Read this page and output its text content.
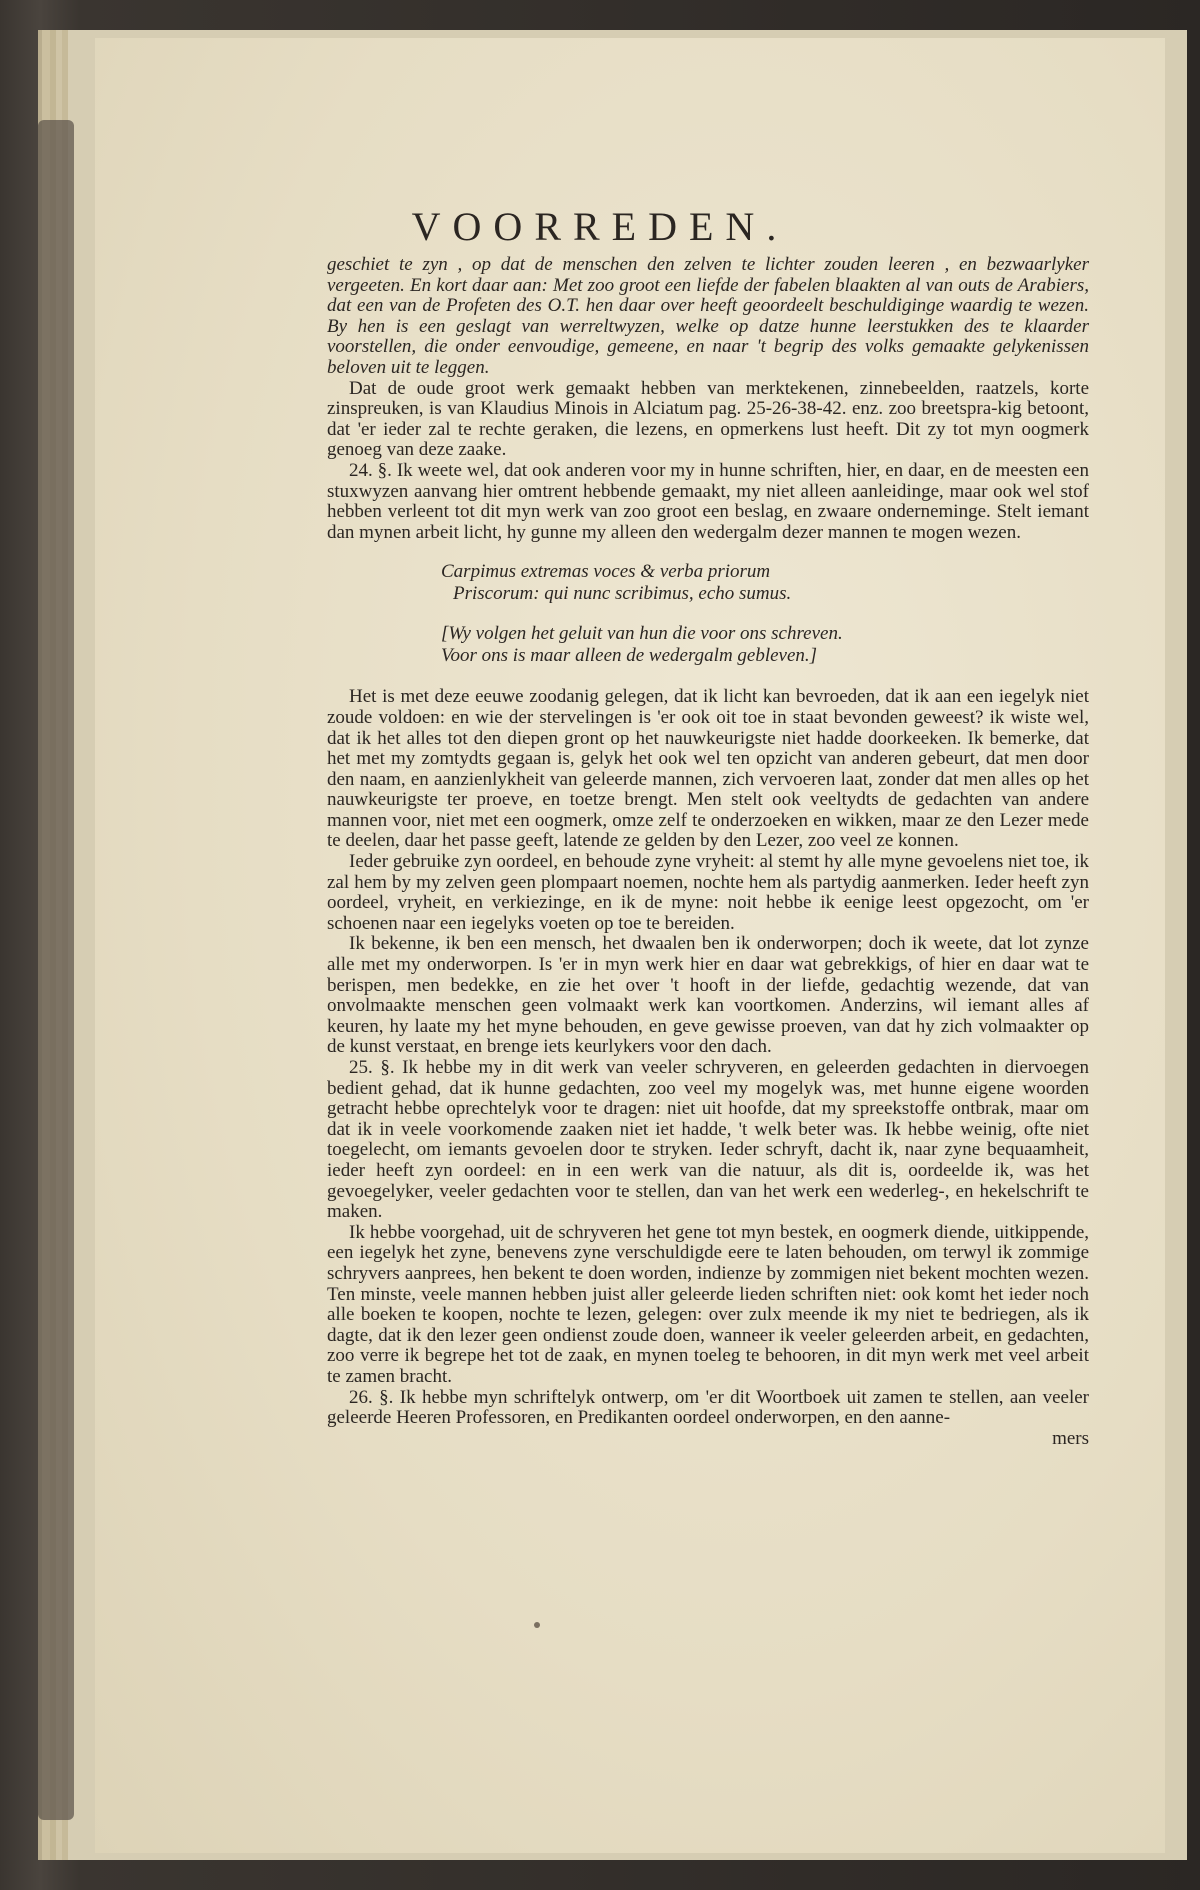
VOORREDEN.

geschiet te zyn , op dat de menschen den zelven te lichter zouden leeren , en bezwaarlyker vergeeten. En kort daar aan: Met zoo groot een liefde der fabelen blaakten al van outs de Arabiers, dat een van de Profeten des O.T. hen daar over heeft geoordeelt beschuldiginge waardig te wezen. By hen is een geslagt van werreltwyzen, welke op datze hunne leerstukken des te klaarder voorstellen, die onder eenvoudige, gemeene, en naar 't begrip des volks gemaakte gelykenissen beloven uit te leggen.

Dat de oude groot werk gemaakt hebben van merktekenen, zinnebeelden, raatzels, korte zinspreuken, is van Klaudius Minois in Alciatum pag. 25-26-38-42. enz. zoo breetspra-kig betoont, dat 'er ieder zal te rechte geraken, die lezens, en opmerkens lust heeft. Dit zy tot myn oogmerk genoeg van deze zaake.

24. §. Ik weete wel, dat ook anderen voor my in hunne schriften, hier, en daar, en de meesten een stuxwyzen aanvang hier omtrent hebbende gemaakt, my niet alleen aanleidinge, maar ook wel stof hebben verleent tot dit myn werk van zoo groot een beslag, en zwaare onderneminge. Stelt iemant dan mynen arbeit licht, hy gunne my alleen den wedergalm dezer mannen te mogen wezen.

Carpimus extremas voces & verba priorum

Priscorum: qui nunc scribimus, echo sumus.
[Wy volgen het geluit van hun die voor ons schreven.
Voor ons is maar alleen de wedergalm gebleven.]

Het is met deze eeuwe zoodanig gelegen, dat ik licht kan bevroeden, dat ik aan een iegelyk niet zoude voldoen: en wie der stervelingen is 'er ook oit toe in staat bevonden geweest? ik wiste wel, dat ik het alles tot den diepen gront op het nauwkeurigste niet hadde doorkeeken. Ik bemerke, dat het met my zomtydts gegaan is, gelyk het ook wel ten opzicht van anderen gebeurt, dat men door den naam, en aanzienlykheit van geleerde mannen, zich vervoeren laat, zonder dat men alles op het nauwkeurigste ter proeve, en toetze brengt. Men stelt ook veeltydts de gedachten van andere mannen voor, niet met een oogmerk, omze zelf te onderzoeken en wikken, maar ze den Lezer mede te deelen, daar het passe geeft, latende ze gelden by den Lezer, zoo veel ze konnen.

Ieder gebruike zyn oordeel, en behoude zyne vryheit: al stemt hy alle myne gevoelens niet toe, ik zal hem by my zelven geen plompaart noemen, nochte hem als partydig aanmerken. Ieder heeft zyn oordeel, vryheit, en verkiezinge, en ik de myne: noit hebbe ik eenige leest opgezocht, om 'er schoenen naar een iegelyks voeten op toe te bereiden.

Ik bekenne, ik ben een mensch, het dwaalen ben ik onderworpen; doch ik weete, dat lot zynze alle met my onderworpen. Is 'er in myn werk hier en daar wat gebrekkigs, of hier en daar wat te berispen, men bedekke, en zie het over 't hooft in der liefde, gedachtig wezende, dat van onvolmaakte menschen geen volmaakt werk kan voortkomen. Anderzins, wil iemant alles af keuren, hy laate my het myne behouden, en geve gewisse proeven, van dat hy zich volmaakter op de kunst verstaat, en brenge iets keurlykers voor den dach.

25. §. Ik hebbe my in dit werk van veeler schryveren, en geleerden gedachten in diervoegen bedient gehad, dat ik hunne gedachten, zoo veel my mogelyk was, met hunne eigene woorden getracht hebbe oprechtelyk voor te dragen: niet uit hoofde, dat my spreekstoffe ontbrak, maar om dat ik in veele voorkomende zaaken niet iet hadde, 't welk beter was. Ik hebbe weinig, ofte niet toegelecht, om iemants gevoelen door te stryken. Ieder schryft, dacht ik, naar zyne bequaamheit, ieder heeft zyn oordeel: en in een werk van die natuur, als dit is, oordeelde ik, was het gevoegelyker, veeler gedachten voor te stellen, dan van het werk een wederleg-, en hekelschrift te maken.

Ik hebbe voorgehad, uit de schryveren het gene tot myn bestek, en oogmerk diende, uitkippende, een iegelyk het zyne, benevens zyne verschuldigde eere te laten behouden, om terwyl ik zommige schryvers aanprees, hen bekent te doen worden, indienze by zommigen niet bekent mochten wezen. Ten minste, veele mannen hebben juist aller geleerde lieden schriften niet: ook komt het ieder noch alle boeken te koopen, nochte te lezen, gelegen: over zulx meende ik my niet te bedriegen, als ik dagte, dat ik den lezer geen ondienst zoude doen, wanneer ik veeler geleerden arbeit, en gedachten, zoo verre ik begrepe het tot de zaak, en mynen toeleg te behooren, in dit myn werk met veel arbeit te zamen bracht.

26. §. Ik hebbe myn schriftelyk ontwerp, om 'er dit Woortboek uit zamen te stellen, aan veeler geleerde Heeren Professoren, en Predikanten oordeel onderworpen, en den aanne-

mers
